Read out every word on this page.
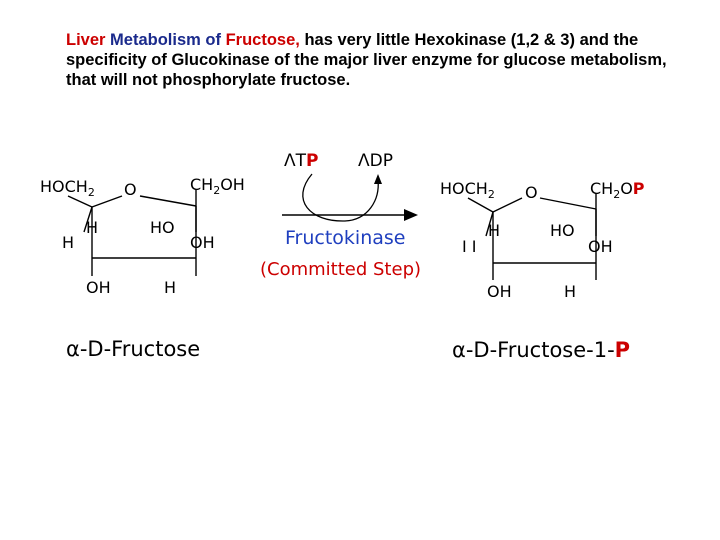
Liver Metabolism of Fructose, has very little Hexokinase (1,2 & 3) and the specificity of Glucokinase of the major liver enzyme for glucose metabolism, that will not phosphorylate fructose.
$HOCH_2$ O	$CH_2OH$
H
H
HO
OH
OH	H
α-D-Fructose
ΛTP ΛDP
Fructokinase
(Committed Step)
$HOCH_2$ O	$CH_2OP$
H
I I
HO
OH
OH	H
α-D-Fructose-1-P
